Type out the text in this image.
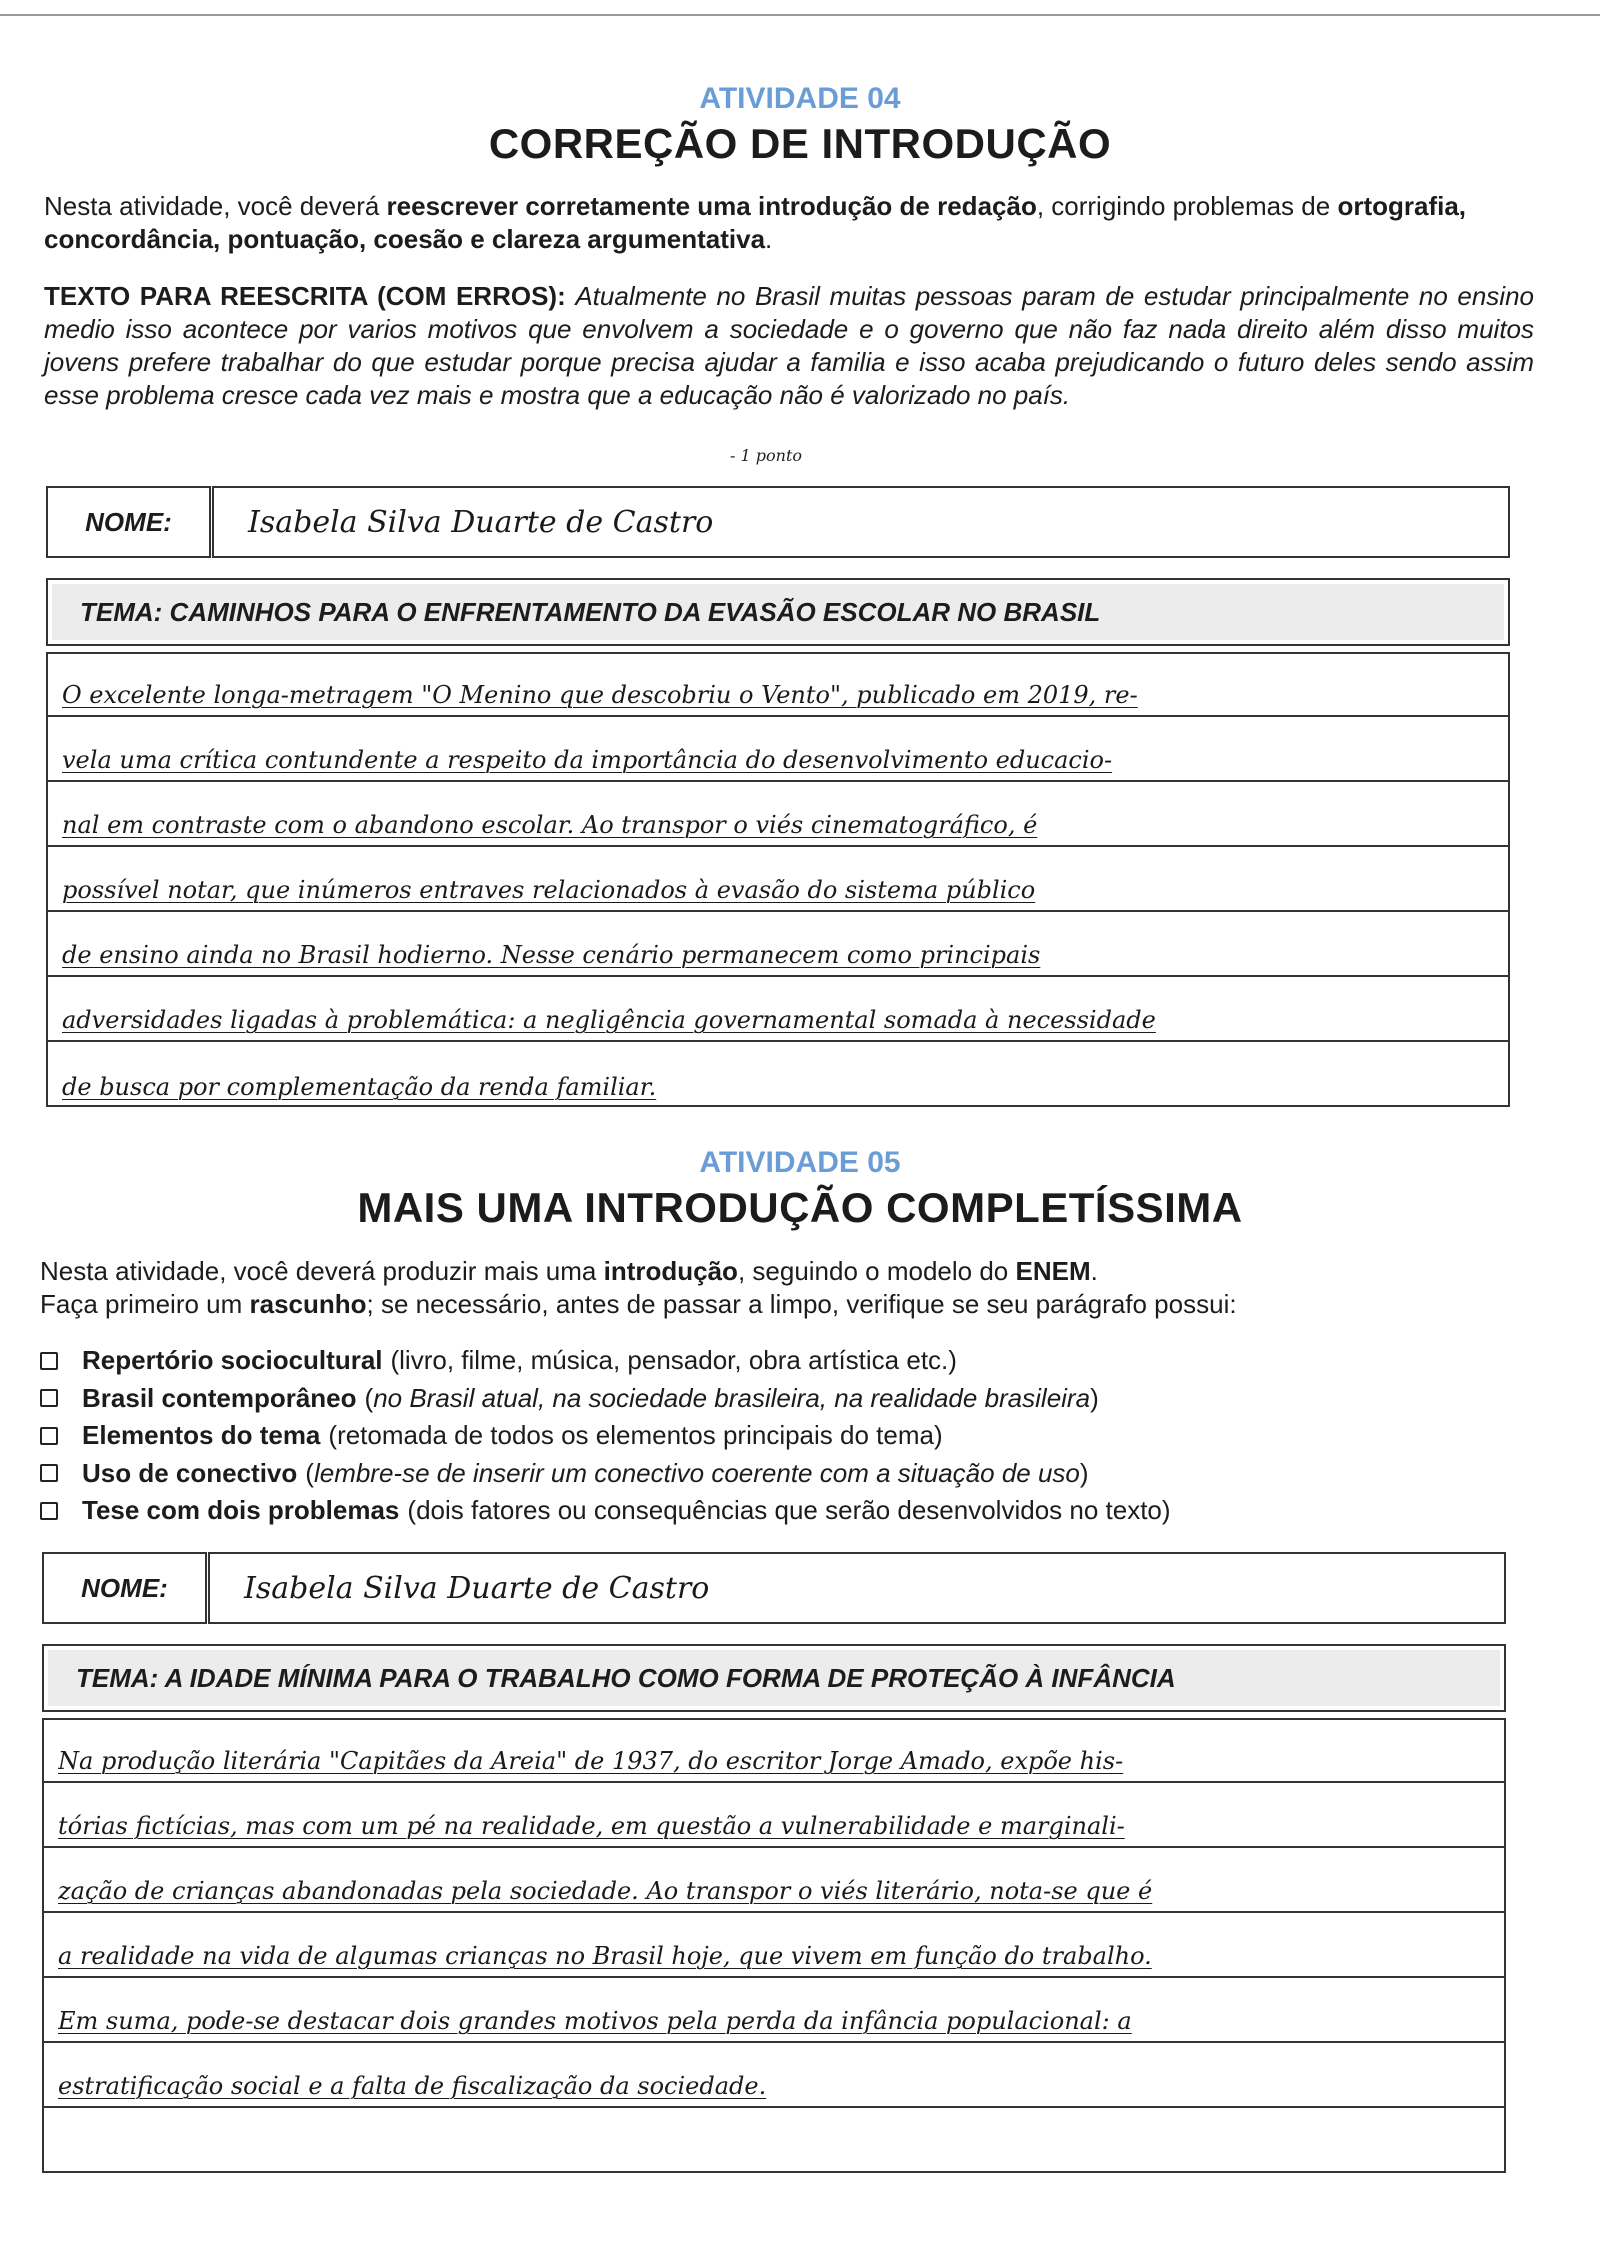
ATIVIDADE 04
CORREÇÃO DE INTRODUÇÃO
Nesta atividade, você deverá reescrever corretamente uma introdução de redação, corrigindo problemas de ortografia, concordância, pontuação, coesão e clareza argumentativa.
TEXTO PARA REESCRITA (COM ERROS): Atualmente no Brasil muitas pessoas param de estudar principalmente no ensino medio isso acontece por varios motivos que envolvem a sociedade e o governo que não faz nada direito além disso muitos jovens prefere trabalhar do que estudar porque precisa ajudar a familia e isso acaba prejudicando o futuro deles sendo assim esse problema cresce cada vez mais e mostra que a educação não é valorizado no país.
- 1 ponto
NOME:	Isabela Silva Duarte de Castro
TEMA: CAMINHOS PARA O ENFRENTAMENTO DA EVASÃO ESCOLAR NO BRASIL
O excelente longa-metragem "O Menino que descobriu o Vento", publicado em 2019, re-
vela uma crítica contundente a respeito da importância do desenvolvimento educacio-
nal em contraste com o abandono escolar. Ao transpor o viés cinematográfico, é
possível notar, que inúmeros entraves relacionados à evasão do sistema público
de ensino ainda no Brasil hodierno. Nesse cenário permanecem como principais
adversidades ligadas à problemática: a negligência governamental somada à necessidade
de busca por complementação da renda familiar.
ATIVIDADE 05
MAIS UMA INTRODUÇÃO COMPLETÍSSIMA
Nesta atividade, você deverá produzir mais uma introdução, seguindo o modelo do ENEM.
Faça primeiro um rascunho; se necessário, antes de passar a limpo, verifique se seu parágrafo possui:
Repertório sociocultural (livro, filme, música, pensador, obra artística etc.)
Brasil contemporâneo ( no Brasil atual, na sociedade brasileira, na realidade brasileira )
Elementos do tema (retomada de todos os elementos principais do tema)
Uso de conectivo ( lembre-se de inserir um conectivo coerente com a situação de uso )
Tese com dois problemas (dois fatores ou consequências que serão desenvolvidos no texto)
NOME:	Isabela Silva Duarte de Castro
TEMA: A IDADE MÍNIMA PARA O TRABALHO COMO FORMA DE PROTEÇÃO À INFÂNCIA
Na produção literária "Capitães da Areia" de 1937, do escritor Jorge Amado, expõe his-
tórias fictícias, mas com um pé na realidade, em questão a vulnerabilidade e marginali-
zação de crianças abandonadas pela sociedade. Ao transpor o viés literário, nota-se que é
a realidade na vida de algumas crianças no Brasil hoje, que vivem em função do trabalho.
Em suma, pode-se destacar dois grandes motivos pela perda da infância populacional: a
estratificação social e a falta de fiscalização da sociedade.
